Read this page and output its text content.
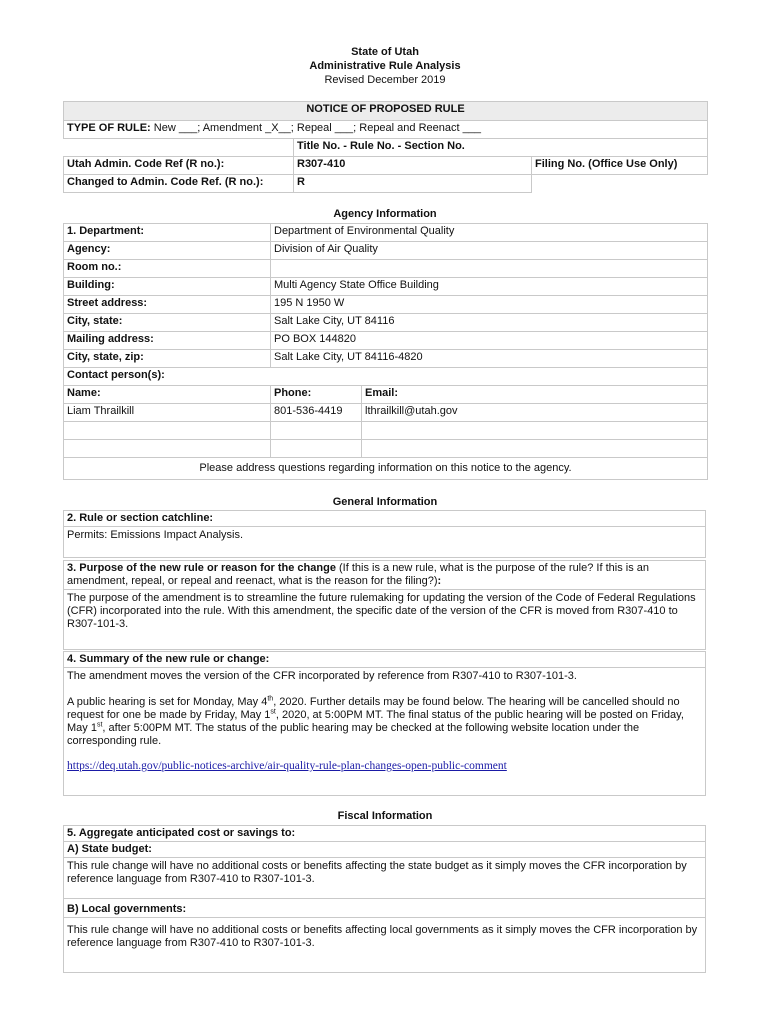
State of Utah
Administrative Rule Analysis
Revised December 2019
NOTICE OF PROPOSED RULE		
TYPE OF RULE: New ___; Amendment _X__; Repeal ___; Repeal and Reenact ___		
	Title No. - Rule No. - Section No.	
Utah Admin. Code Ref (R no.):	R307-410	Filing No. (Office Use Only)
Changed to Admin. Code Ref. (R no.):	R	
Agency Information
1. Department:	Department of Environmental Quality	
Agency:	Division of Air Quality	
Room no.:		
Building:	Multi Agency State Office Building	
Street address:	195 N 1950 W	
City, state:	Salt Lake City, UT 84116	
Mailing address:	PO BOX 144820	
City, state, zip:	Salt Lake City, UT 84116-4820	
Contact person(s):		
Name:	Phone:	Email:
Liam Thrailkill	801-536-4419	lthrailkill@utah.gov

Please address questions regarding information on this notice to the agency.		
General Information
2. Rule or section catchline:
Permits: Emissions Impact Analysis.
3. Purpose of the new rule or reason for the change (If this is a new rule, what is the purpose of the rule? If this is an amendment, repeal, or repeal and reenact, what is the reason for the filing?):
The purpose of the amendment is to streamline the future rulemaking for updating the version of the Code of Federal Regulations (CFR) incorporated into the rule. With this amendment, the specific date of the version of the CFR is moved from R307-410 to R307-101-3.
4. Summary of the new rule or change:

The amendment moves the version of the CFR incorporated by reference from R307-410 to R307-101-3.

A public hearing is set for Monday, May 4th, 2020. Further details may be found below. The hearing will be cancelled should no request for one be made by Friday, May 1st, 2020, at 5:00PM MT. The final status of the public hearing will be posted on Friday, May 1st, after 5:00PM MT. The status of the public hearing may be checked at the following website location under the corresponding rule.

https://deq.utah.gov/public-notices-archive/air-quality-rule-plan-changes-open-public-comment

Fiscal Information
5. Aggregate anticipated cost or savings to:
A) State budget:
This rule change will have no additional costs or benefits affecting the state budget as it simply moves the CFR incorporation by reference language from R307-410 to R307-101-3.
B) Local governments:
This rule change will have no additional costs or benefits affecting local governments as it simply moves the CFR incorporation by reference language from R307-410 to R307-101-3.
